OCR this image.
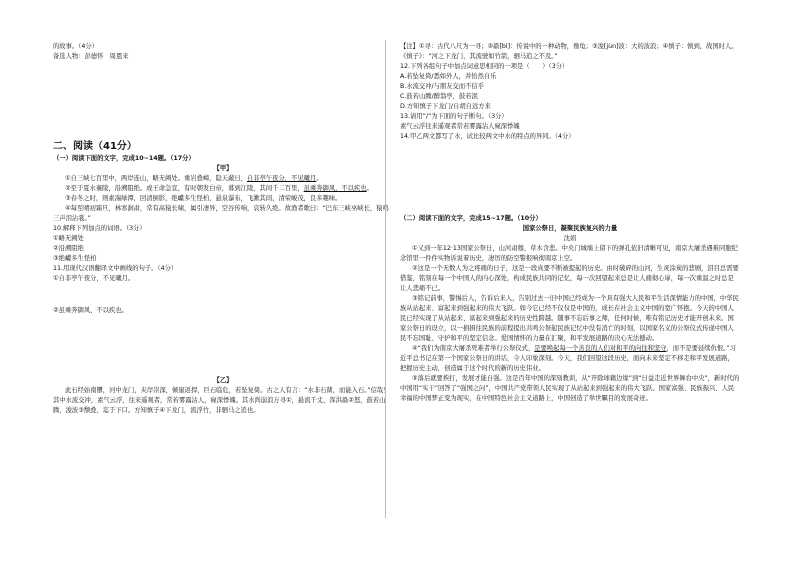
的故事。（4分）

备选人物：彭德怀　周恩来

二、阅读（41分）

（一）阅读下面的文字，完成10~14题。（17分）

【甲】

①自三峡七百里中，两岸连山，略无阙处。重岩叠嶂，隐天蔽日，自非亭午夜分，不见曦月。

②至于夏水襄陵，沿溯阻绝。或王命急宣，有时朝发白帝，暮到江陵，其间千二百里，虽乘奔御风，不以疾也。

③春冬之时，则素湍绿潭，回清倒影，绝巘多生怪柏，悬泉瀑布，飞漱其间，清荣峻茂，良多趣味。

④每至晴初霜旦，林寒涧肃，常有高猿长啸，属引凄异，空谷传响，哀转久绝。故渔者歌曰：“巴东三峡巫峡长，猿鸣三声泪沾裳。”

10.解释下列加点的词语。（3分）

①略无阙处

②沿溯阻绝

③绝巘多生怪柏

11.用现代汉语翻译文中画线的句子。（4分）

①自非亭午夜分，不见曦月。

②虽乘奔御风，不以疾也。

【乙】

此石经始南隳，河中龙门，夹岸崇深，倾崖返捍，巨石临危，若坠复倚。古之人有言：“水非石凿，而能入石。”信哉！其中水流交冲，素气云浮，往来遥观者，常若雾露沾人，窥深悸魄。其水尚崩浪万寻①，悬流千丈，浑洪赑②怒，鼓若山腾，浚波③颓叠，迄于下口。方知慎子④下龙门，流浮竹，非驷马之追也。

【注】①寻：古代八尺为一寻；②赑[bì]：传说中的一种动物，像龟；③浚[jùn]波：大的波浪；④慎子：慎到，战国时人。《慎子》：“河之下龙门，其流驶如竹箭，驷马追之不及。”

12.下列各组句子中加点词意思相同的一项是（　　）（3分）

A.若坠复倚/悉如外人，并怡然自乐

B.水流交冲/与朋友交而不信乎

C.鼓若山腾/醉翁亭，鼓若泯

D.方知慎子下龙门/自胡自远方来

13.请用“/”为下面的句子断句。（3分）

素气云浮往来遥观者常若雾露沾人窥深悸魄

14.甲乙两文都写了水，试比较两文中水的特点的异同。（4分）

（二）阅读下面的文字，完成15~17题。（10分）

国家公祭日，凝聚民族复兴的力量

沈娟

①又到一年12·13国家公祭日，山河肃穆，草木含悲。中央门城墙上留下的弹孔依旧清晰可见，南京大屠杀遇难同胞纪念馆里一件件实物诉说着历史，凄厉的防空警报响彻南京上空。

②这是一个无数人为之疼痛的日子，这是一段真要不断被提起的历史。由时破碎的山河，生灵涂炭的悲剧，泪目总需要借鉴，铭刻在每一个中国人的内心深处，构成民族共同的记忆，每一次回望起来总是让人痛彻心扉，每一次重温之时总是让人悲痛不已。

③铭记前事，警惕后人，告诉后来人，告别过去一旧中国已经成为一个具有强大人民和平生活深情能力的中国，中华民族从站起来、富起来到强起来的伟大飞跃。如今它已经不仅仅是中国的，成长在社会主义中国的宽广怀抱。今天的中国人民已经实现了从站起来、富起来到强起来的历史性跨越。随事不忘后事之师，任何时候，唯有铭记历史才能开创未来。国家公祭日的设立，以一捐捐往民族的前程提出共鸣公祭起民族记忆中没有消亡的时刻，以国家名义的公祭仪式传递中国人民不忘国耻、守护和平的坚定信念。爱国情怀的力量在汇聚，和平发展道路的决心无法撼动。

④“我们为南京大屠杀死难者举行公祭仪式，是要唤起每一个善良的人们对和平的向往和坚守，而不是要延续仇恨。”习近平总书记在第一个国家公祭日的讲话，令人印象深刻。今天，我们回望这段历史，面向未来坚定不移走和平发展道路，把握历史主动，创造属于这个时代的新的历史伟业。

⑤落后就要挨打，发展才能自强。这是百年中国的深刻教训，从“开除球籍边缘”到“日益走近世界舞台中央”，新时代的中国用“实干”回答了“强国之问”，中国共产党带领人民实现了从站起来到强起来的伟大飞跃。国家富强、民族振兴、人民幸福的中国梦正变为现实，在中国特色社会主义道路上，中国创造了举世瞩目的发展奇迹。
